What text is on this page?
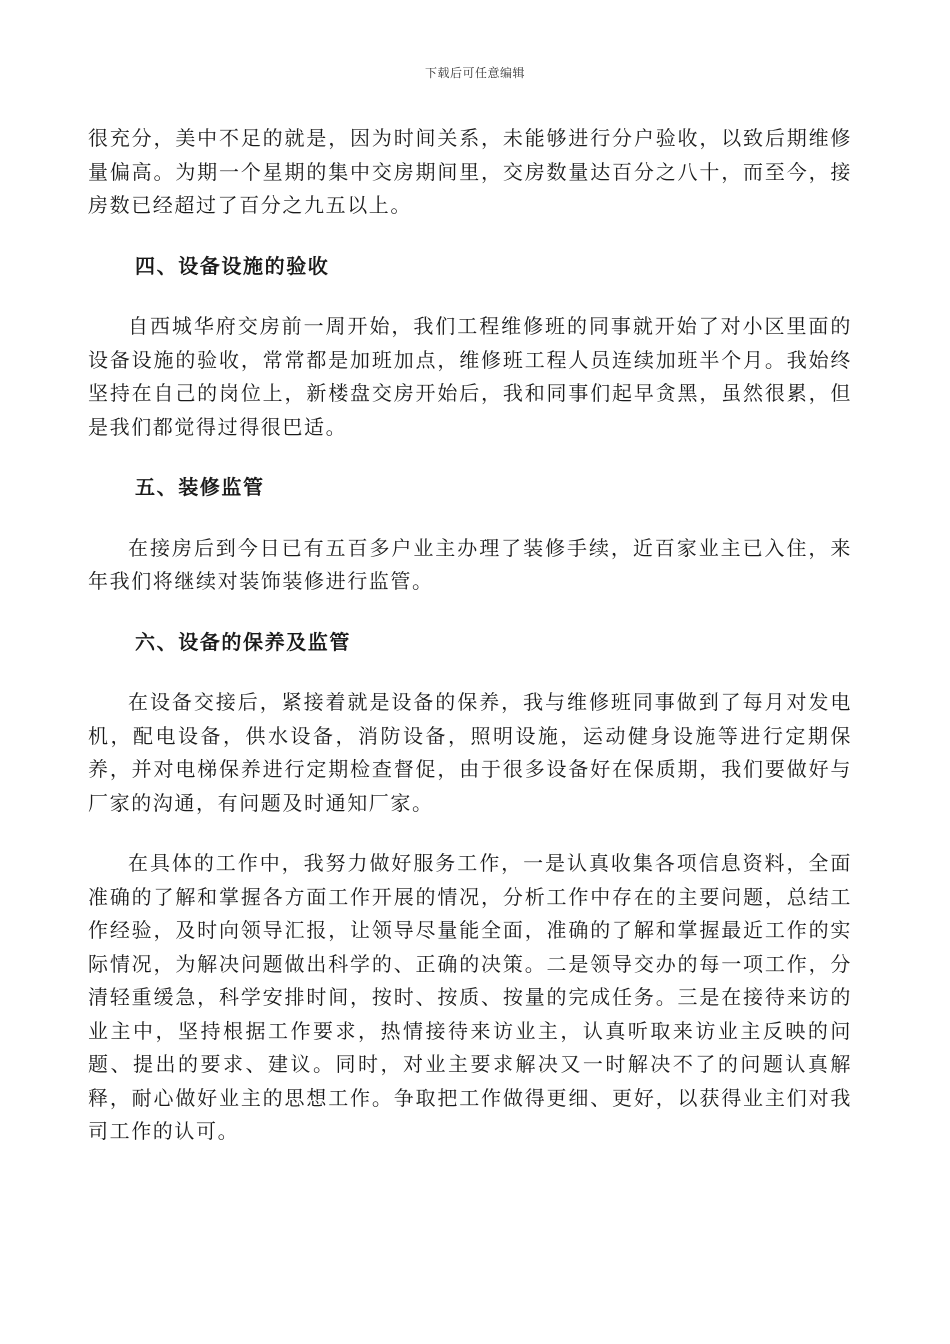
下载后可任意编辑

很充分，美中不足的就是，因为时间关系，未能够进行分户验收，以致后期维修量偏高。为期一个星期的集中交房期间里，交房数量达百分之八十，而至今，接房数已经超过了百分之九五以上。

四、设备设施的验收

自西城华府交房前一周开始，我们工程维修班的同事就开始了对小区里面的设备设施的验收，常常都是加班加点，维修班工程人员连续加班半个月。我始终坚持在自己的岗位上，新楼盘交房开始后，我和同事们起早贪黑，虽然很累，但是我们都觉得过得很巴适。

五、装修监管

在接房后到今日已有五百多户业主办理了装修手续，近百家业主已入住，来年我们将继续对装饰装修进行监管。

六、设备的保养及监管

在设备交接后，紧接着就是设备的保养，我与维修班同事做到了每月对发电机，配电设备，供水设备，消防设备，照明设施，运动健身设施等进行定期保养，并对电梯保养进行定期检查督促，由于很多设备好在保质期，我们要做好与厂家的沟通，有问题及时通知厂家。

在具体的工作中，我努力做好服务工作，一是认真收集各项信息资料，全面准确的了解和掌握各方面工作开展的情况，分析工作中存在的主要问题，总结工作经验，及时向领导汇报，让领导尽量能全面，准确的了解和掌握最近工作的实际情况，为解决问题做出科学的、正确的决策。二是领导交办的每一项工作，分清轻重缓急，科学安排时间，按时、按质、按量的完成任务。三是在接待来访的业主中，坚持根据工作要求，热情接待来访业主，认真听取来访业主反映的问题、提出的要求、建议。同时，对业主要求解决又一时解决不了的问题认真解释，耐心做好业主的思想工作。争取把工作做得更细、更好，以获得业主们对我司工作的认可。
